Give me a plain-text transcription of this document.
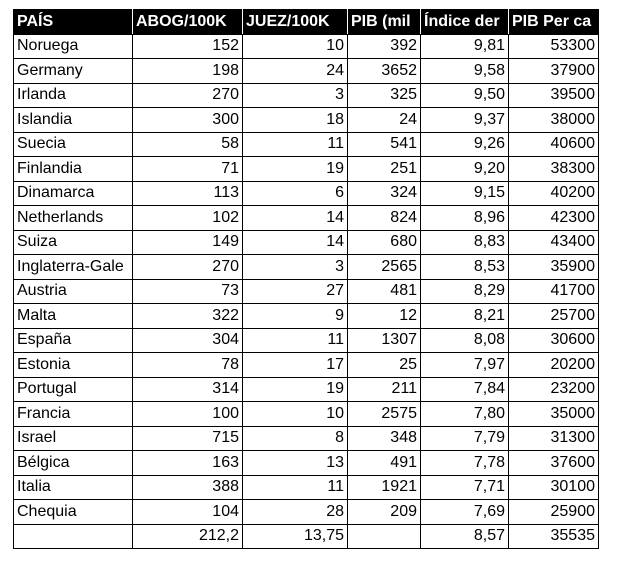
PAÍS	ABOG/100K	JUEZ/100K	PIB (mil	Índice der	PIB Per ca
Noruega	152	10	392	9,81	53300
Germany	198	24	3652	9,58	37900
Irlanda	270	3	325	9,50	39500
Islandia	300	18	24	9,37	38000
Suecia	58	11	541	9,26	40600
Finlandia	71	19	251	9,20	38300
Dinamarca	113	6	324	9,15	40200
Netherlands	102	14	824	8,96	42300
Suiza	149	14	680	8,83	43400
Inglaterra-Gale	270	3	2565	8,53	35900
Austria	73	27	481	8,29	41700
Malta	322	9	12	8,21	25700
España	304	11	1307	8,08	30600
Estonia	78	17	25	7,97	20200
Portugal	314	19	211	7,84	23200
Francia	100	10	2575	7,80	35000
Israel	715	8	348	7,79	31300
Bélgica	163	13	491	7,78	37600
Italia	388	11	1921	7,71	30100
Chequia	104	28	209	7,69	25900
	212,2	13,75		8,57	35535
